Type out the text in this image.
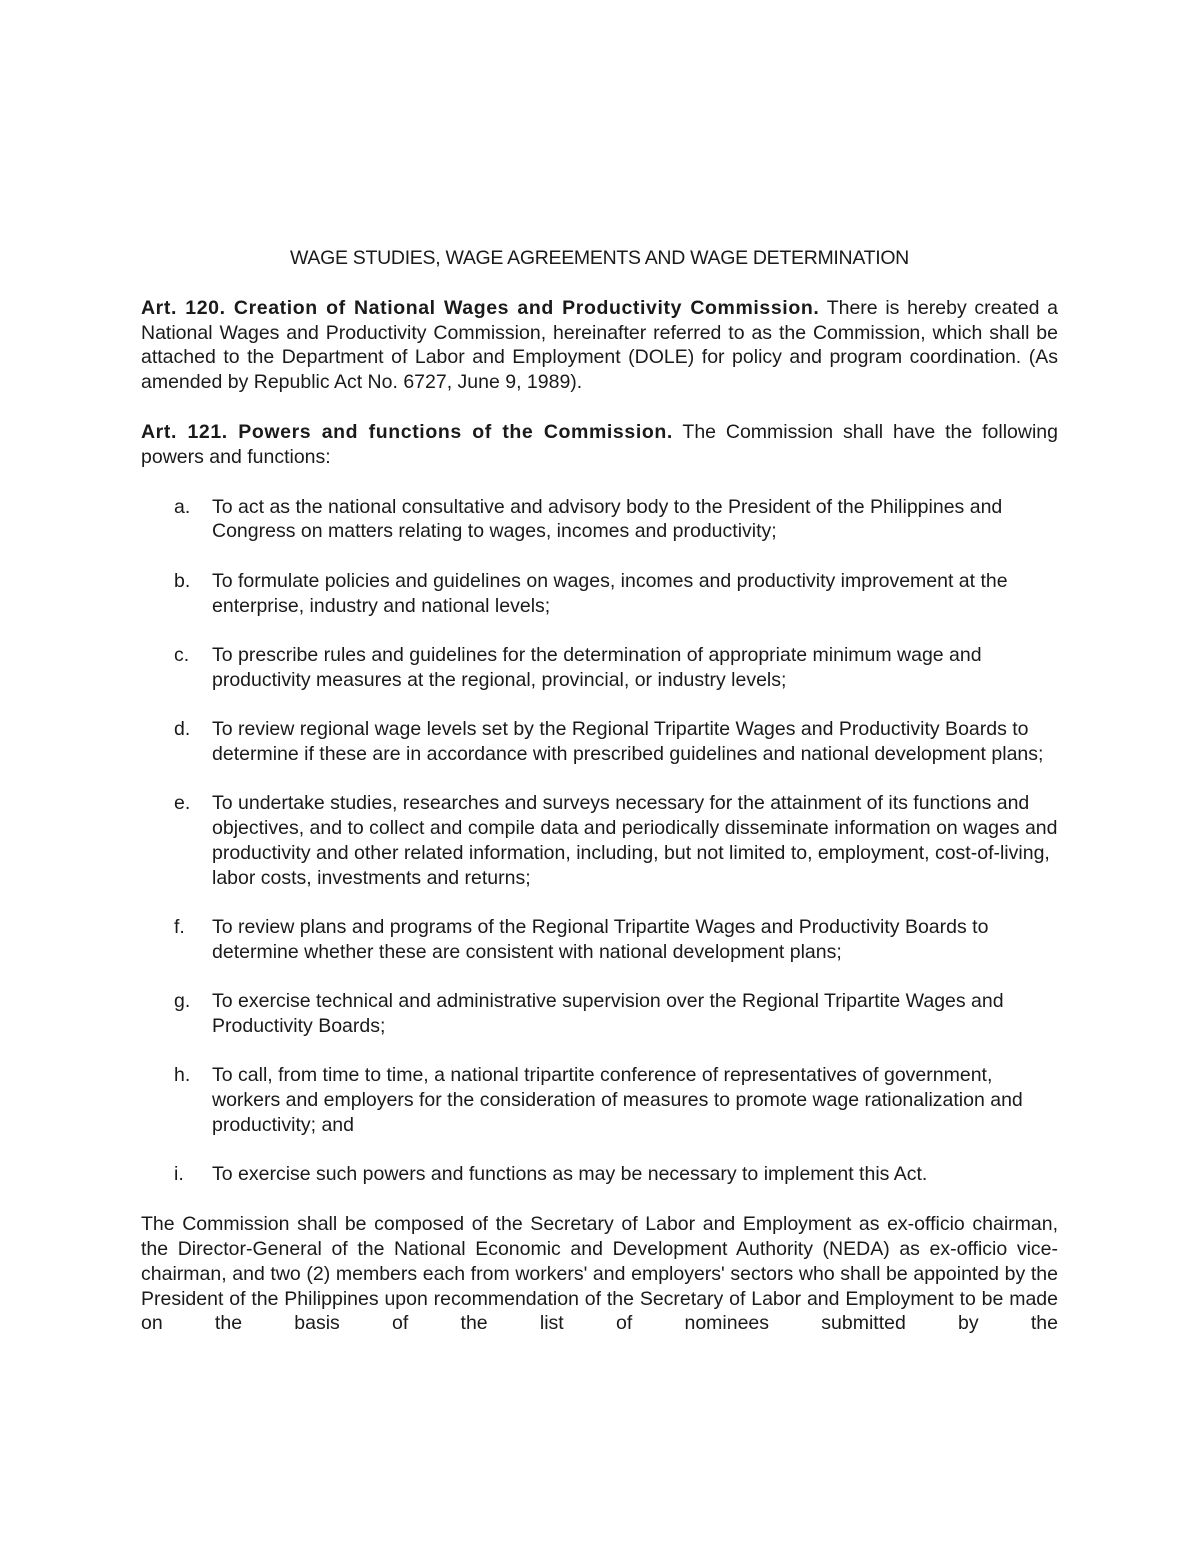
WAGE STUDIES, WAGE AGREEMENTS AND WAGE DETERMINATION

Art. 120. Creation of National Wages and Productivity Commission. There is hereby created a National Wages and Productivity Commission, hereinafter referred to as the Commission, which shall be attached to the Department of Labor and Employment (DOLE) for policy and program coordination. (As amended by Republic Act No. 6727, June 9, 1989).

Art. 121. Powers and functions of the Commission. The Commission shall have the following powers and functions:

a. To act as the national consultative and advisory body to the President of the Philippines and Congress on matters relating to wages, incomes and productivity;
b. To formulate policies and guidelines on wages, incomes and productivity improvement at the enterprise, industry and national levels;
c. To prescribe rules and guidelines for the determination of appropriate minimum wage and productivity measures at the regional, provincial, or industry levels;
d. To review regional wage levels set by the Regional Tripartite Wages and Productivity Boards to determine if these are in accordance with prescribed guidelines and national development plans;
e. To undertake studies, researches and surveys necessary for the attainment of its functions and objectives, and to collect and compile data and periodically disseminate information on wages and productivity and other related information, including, but not limited to, employment, cost-of-living, labor costs, investments and returns;
f. To review plans and programs of the Regional Tripartite Wages and Productivity Boards to determine whether these are consistent with national development plans;
g. To exercise technical and administrative supervision over the Regional Tripartite Wages and Productivity Boards;
h. To call, from time to time, a national tripartite conference of representatives of government, workers and employers for the consideration of measures to promote wage rationalization and productivity; and
i. To exercise such powers and functions as may be necessary to implement this Act.

The Commission shall be composed of the Secretary of Labor and Employment as ex-officio chairman, the Director-General of the National Economic and Development Authority (NEDA) as ex-officio vice-chairman, and two (2) members each from workers' and employers' sectors who shall be appointed by the President of the Philippines upon recommendation of the Secretary of Labor and Employment to be made on the basis of the list of nominees submitted by the
